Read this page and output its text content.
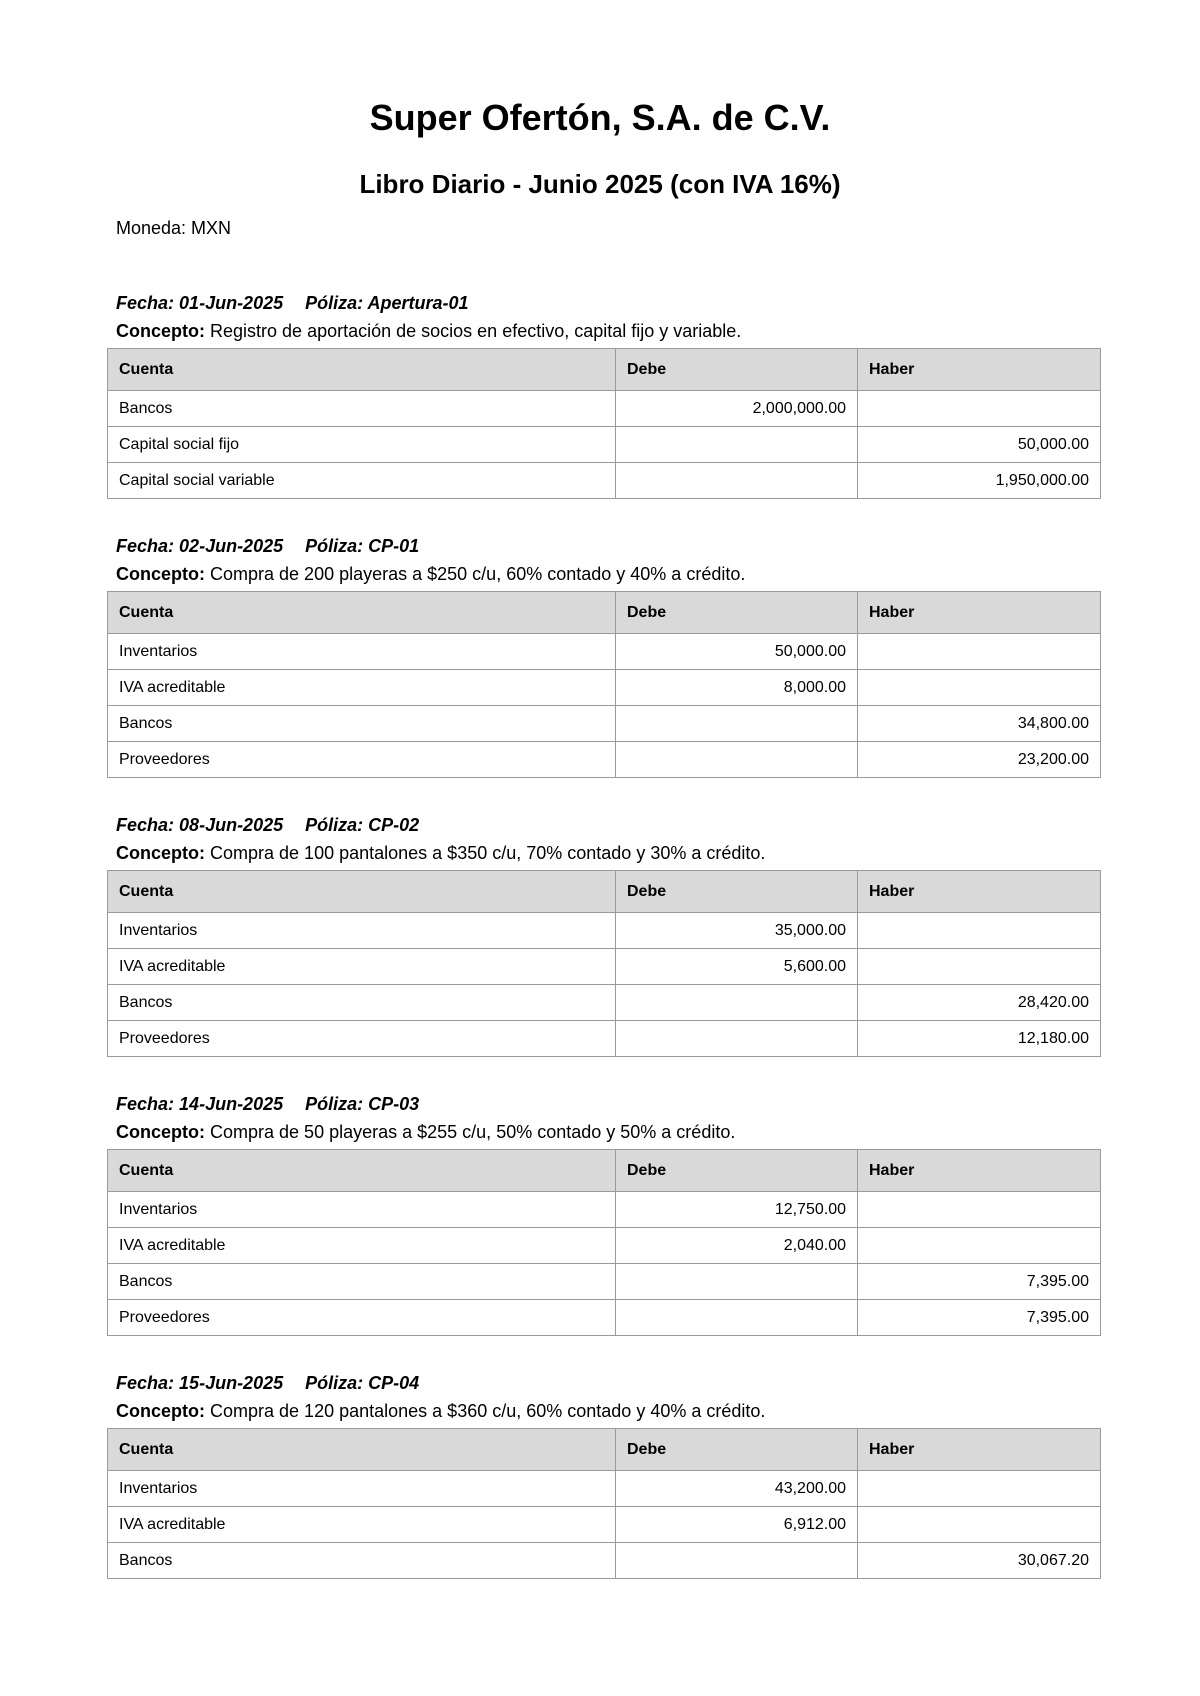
Super Ofertón, S.A. de C.V.
Libro Diario - Junio 2025 (con IVA 16%)

Moneda: MXN

Fecha: 01-Jun-2025 Póliza: Apertura-01
Concepto: Registro de aportación de socios en efectivo, capital fijo y variable.
Cuenta	Debe	Haber
Bancos	2,000,000.00	
Capital social fijo		50,000.00
Capital social variable		1,950,000.00
Fecha: 02-Jun-2025 Póliza: CP-01
Concepto: Compra de 200 playeras a $250 c/u, 60% contado y 40% a crédito.
Cuenta	Debe	Haber
Inventarios	50,000.00	
IVA acreditable	8,000.00	
Bancos		34,800.00
Proveedores		23,200.00
Fecha: 08-Jun-2025 Póliza: CP-02
Concepto: Compra de 100 pantalones a $350 c/u, 70% contado y 30% a crédito.
Cuenta	Debe	Haber
Inventarios	35,000.00	
IVA acreditable	5,600.00	
Bancos		28,420.00
Proveedores		12,180.00
Fecha: 14-Jun-2025 Póliza: CP-03
Concepto: Compra de 50 playeras a $255 c/u, 50% contado y 50% a crédito.
Cuenta	Debe	Haber
Inventarios	12,750.00	
IVA acreditable	2,040.00	
Bancos		7,395.00
Proveedores		7,395.00
Fecha: 15-Jun-2025 Póliza: CP-04
Concepto: Compra de 120 pantalones a $360 c/u, 60% contado y 40% a crédito.
Cuenta	Debe	Haber
Inventarios	43,200.00	
IVA acreditable	6,912.00	
Bancos		30,067.20
